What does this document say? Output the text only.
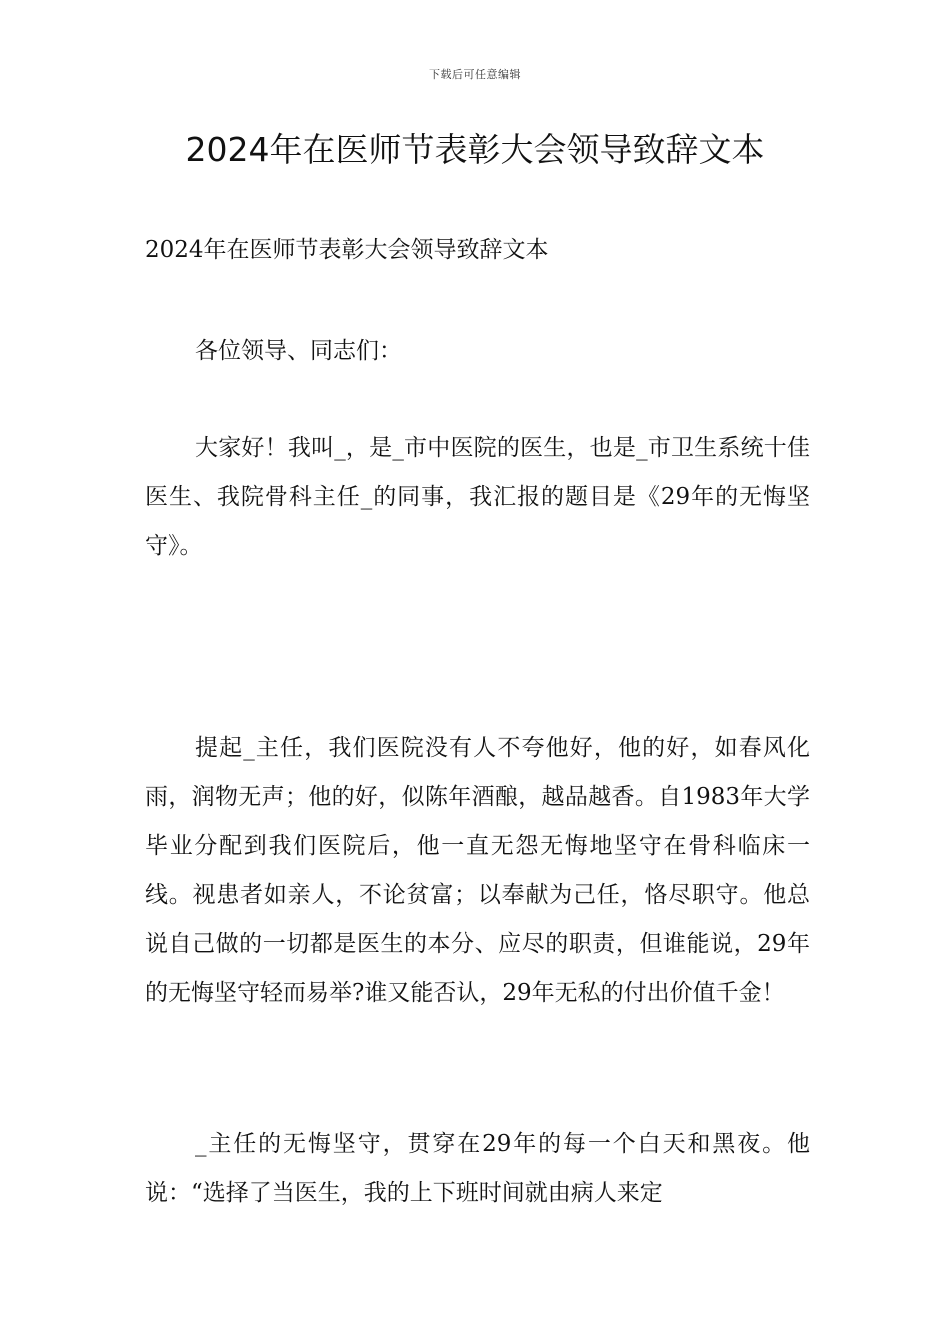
下载后可任意编辑
2024年在医师节表彰大会领导致辞文本

2024年在医师节表彰大会领导致辞文本

各位领导、同志们：

大家好！我叫_，是_市中医院的医生，也是_市卫生系统十佳医生、我院骨科主任_的同事，我汇报的题目是《29年的无悔坚守》。

提起_主任，我们医院没有人不夸他好，他的好，如春风化雨，润物无声；他的好，似陈年酒酿，越品越香。自1983年大学毕业分配到我们医院后，他一直无怨无悔地坚守在骨科临床一线。视患者如亲人，不论贫富；以奉献为己任，恪尽职守。他总说自己做的一切都是医生的本分、应尽的职责，但谁能说，29年的无悔坚守轻而易举?谁又能否认，29年无私的付出价值千金！

_主任的无悔坚守，贯穿在29年的每一个白天和黑夜。他说：“选择了当医生，我的上下班时间就由病人来定
